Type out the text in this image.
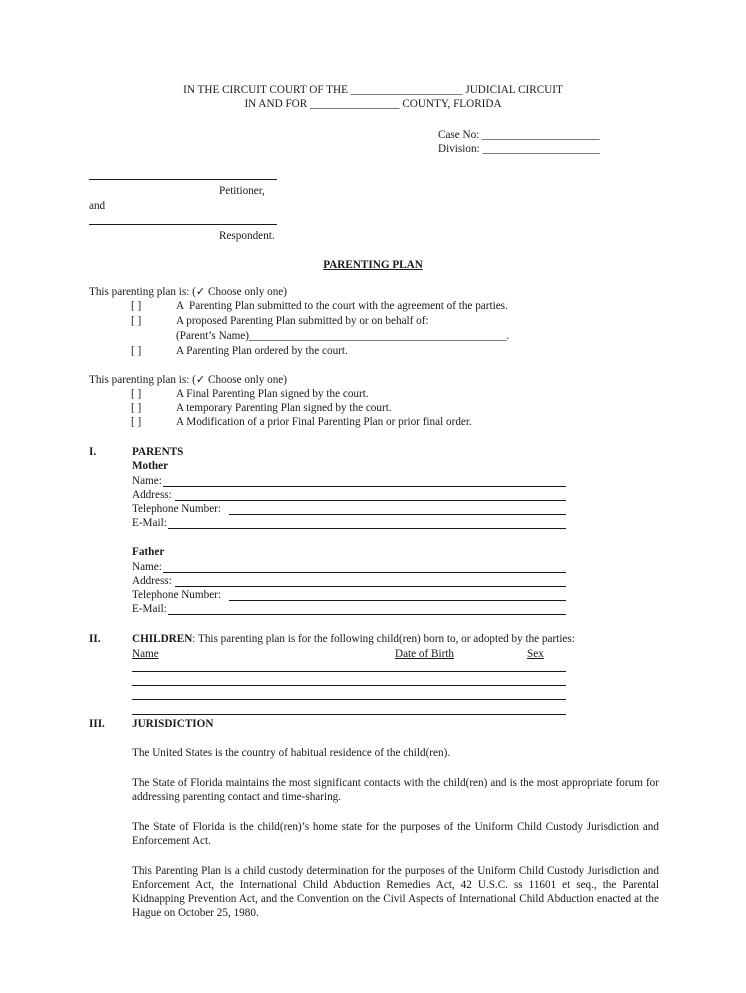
IN THE CIRCUIT COURT OF THE ____________________ JUDICIAL CIRCUIT
IN AND FOR ________________ COUNTY, FLORIDA
Case No: _____________________
Division: _____________________
Petitioner,
and
Respondent.
PARENTING PLAN
This parenting plan is: (✓ Choose only one)
[ ]	A  Parenting Plan submitted to the court with the agreement of the parties.
[ ]	A proposed Parenting Plan submitted by or on behalf of:
(Parent’s Name)______________________________________________.
[ ]	A Parenting Plan ordered by the court.
This parenting plan is: (✓ Choose only one)
[ ]	A Final Parenting Plan signed by the court.
[ ]	A temporary Parenting Plan signed by the court.
[ ]	A Modification of a prior Final Parenting Plan or prior final order.
I.	PARENTS
Mother
Name:
Address:
Telephone Number:
E-Mail:
Father
Name:
Address:
Telephone Number:
E-Mail:
II.	CHILDREN: This parenting plan is for the following child(ren) born to, or adopted by the parties:
Name	Date of Birth	Sex
III. JURISDICTION
The United States is the country of habitual residence of the child(ren).
The State of Florida maintains the most significant contacts with the child(ren) and is the most appropriate forum for addressing parenting contact and time-sharing.
The State of Florida is the child(ren)’s home state for the purposes of the Uniform Child Custody Jurisdiction and Enforcement Act.
This Parenting Plan is a child custody determination for the purposes of the Uniform Child Custody Jurisdiction and Enforcement Act, the International Child Abduction Remedies Act, 42 U.S.C. ss 11601 et seq., the Parental Kidnapping Prevention Act, and the Convention on the Civil Aspects of International Child Abduction enacted at the Hague on October 25, 1980.
